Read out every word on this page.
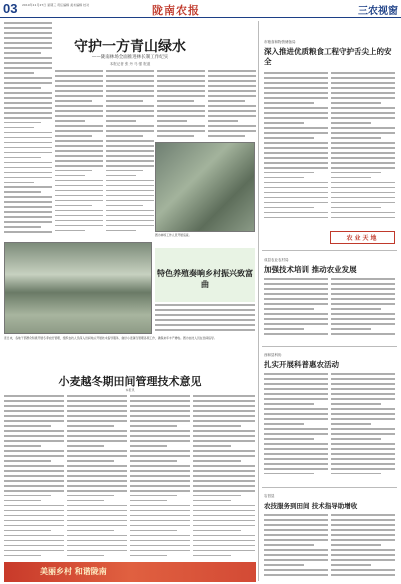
03 2019年11月27日 星期三 责任编辑 美术编辑 校对	陇南农报	三农视窗
守护一方青山绿水
——陇南林场全面推进林长制工作纪实
本报记者 张 丹 马 强 报道
图为林场工作人员开展巡查。
特色养殖奏响乡村振兴致富曲
连日来，各地干部群众积极开展冬季农田管理，组织农技人员深入田间地头开展技术指导服务，做好小麦越冬管理各项工作，确保来年丰产增收。图为农技人员在田间指导。
小麦越冬期田间管理技术意见
本报讯
美丽乡村 和谐陇南
市粮食和物资储备局
深入推进优质粮食工程守护舌尖上的安全
农业天地
成县农业农村局
加强技术培训 推动农业发展
西和县科协
扎实开展科普惠农活动
宕昌县
农技服务到田间 技术指导助增收
